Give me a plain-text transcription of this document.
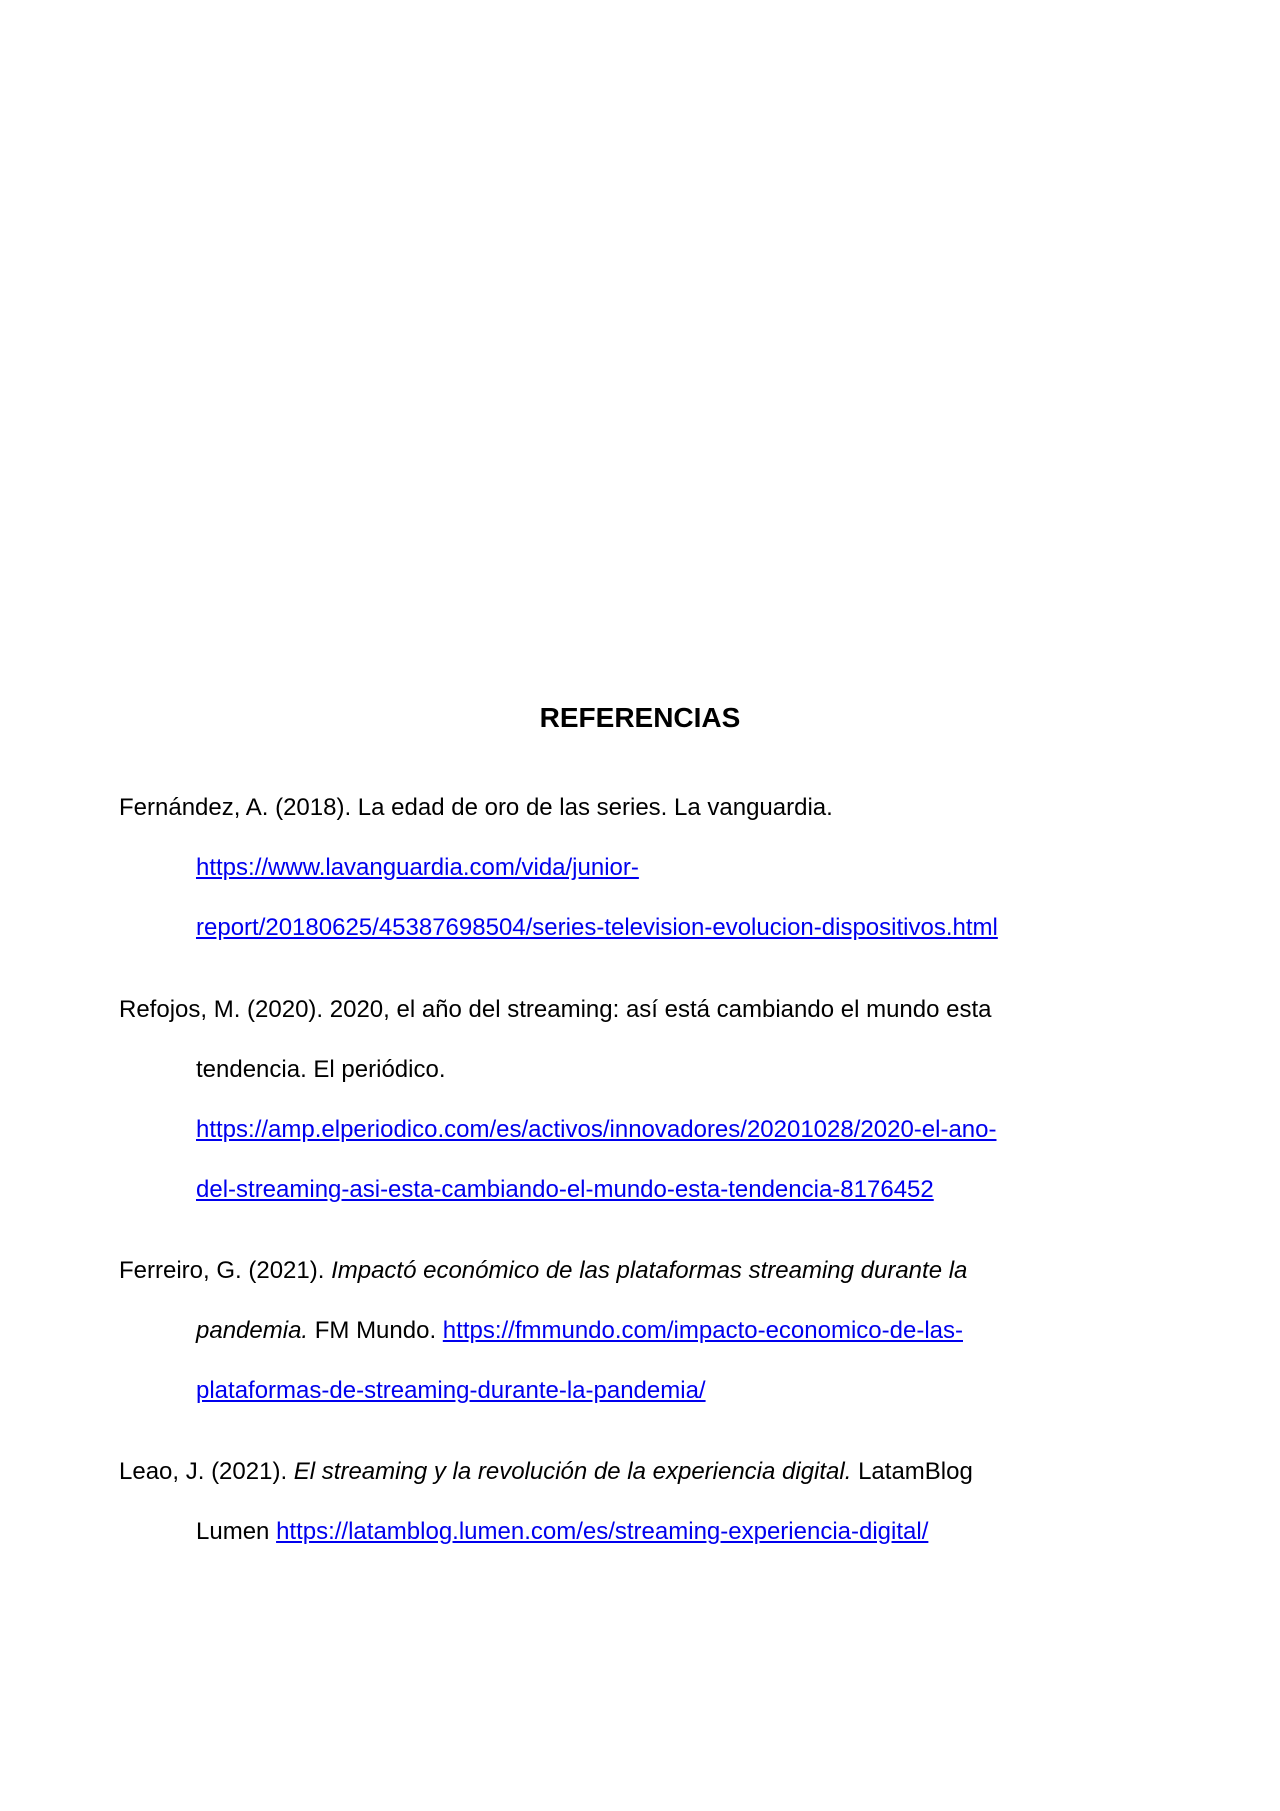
REFERENCIAS
Fernández, A. (2018). La edad de oro de las series. La vanguardia.
https://www.lavanguardia.com/vida/junior-
report/20180625/45387698504/series-television-evolucion-dispositivos.html
Refojos, M. (2020). 2020, el año del streaming: así está cambiando el mundo esta
tendencia. El periódico.
https://amp.elperiodico.com/es/activos/innovadores/20201028/2020-el-ano-
del-streaming-asi-esta-cambiando-el-mundo-esta-tendencia-8176452
Ferreiro, G. (2021). Impactó económico de las plataformas streaming durante la
pandemia. FM Mundo. https://fmmundo.com/impacto-economico-de-las-
plataformas-de-streaming-durante-la-pandemia/
Leao, J. (2021). El streaming y la revolución de la experiencia digital. LatamBlog
Lumen https://latamblog.lumen.com/es/streaming-experiencia-digital/
